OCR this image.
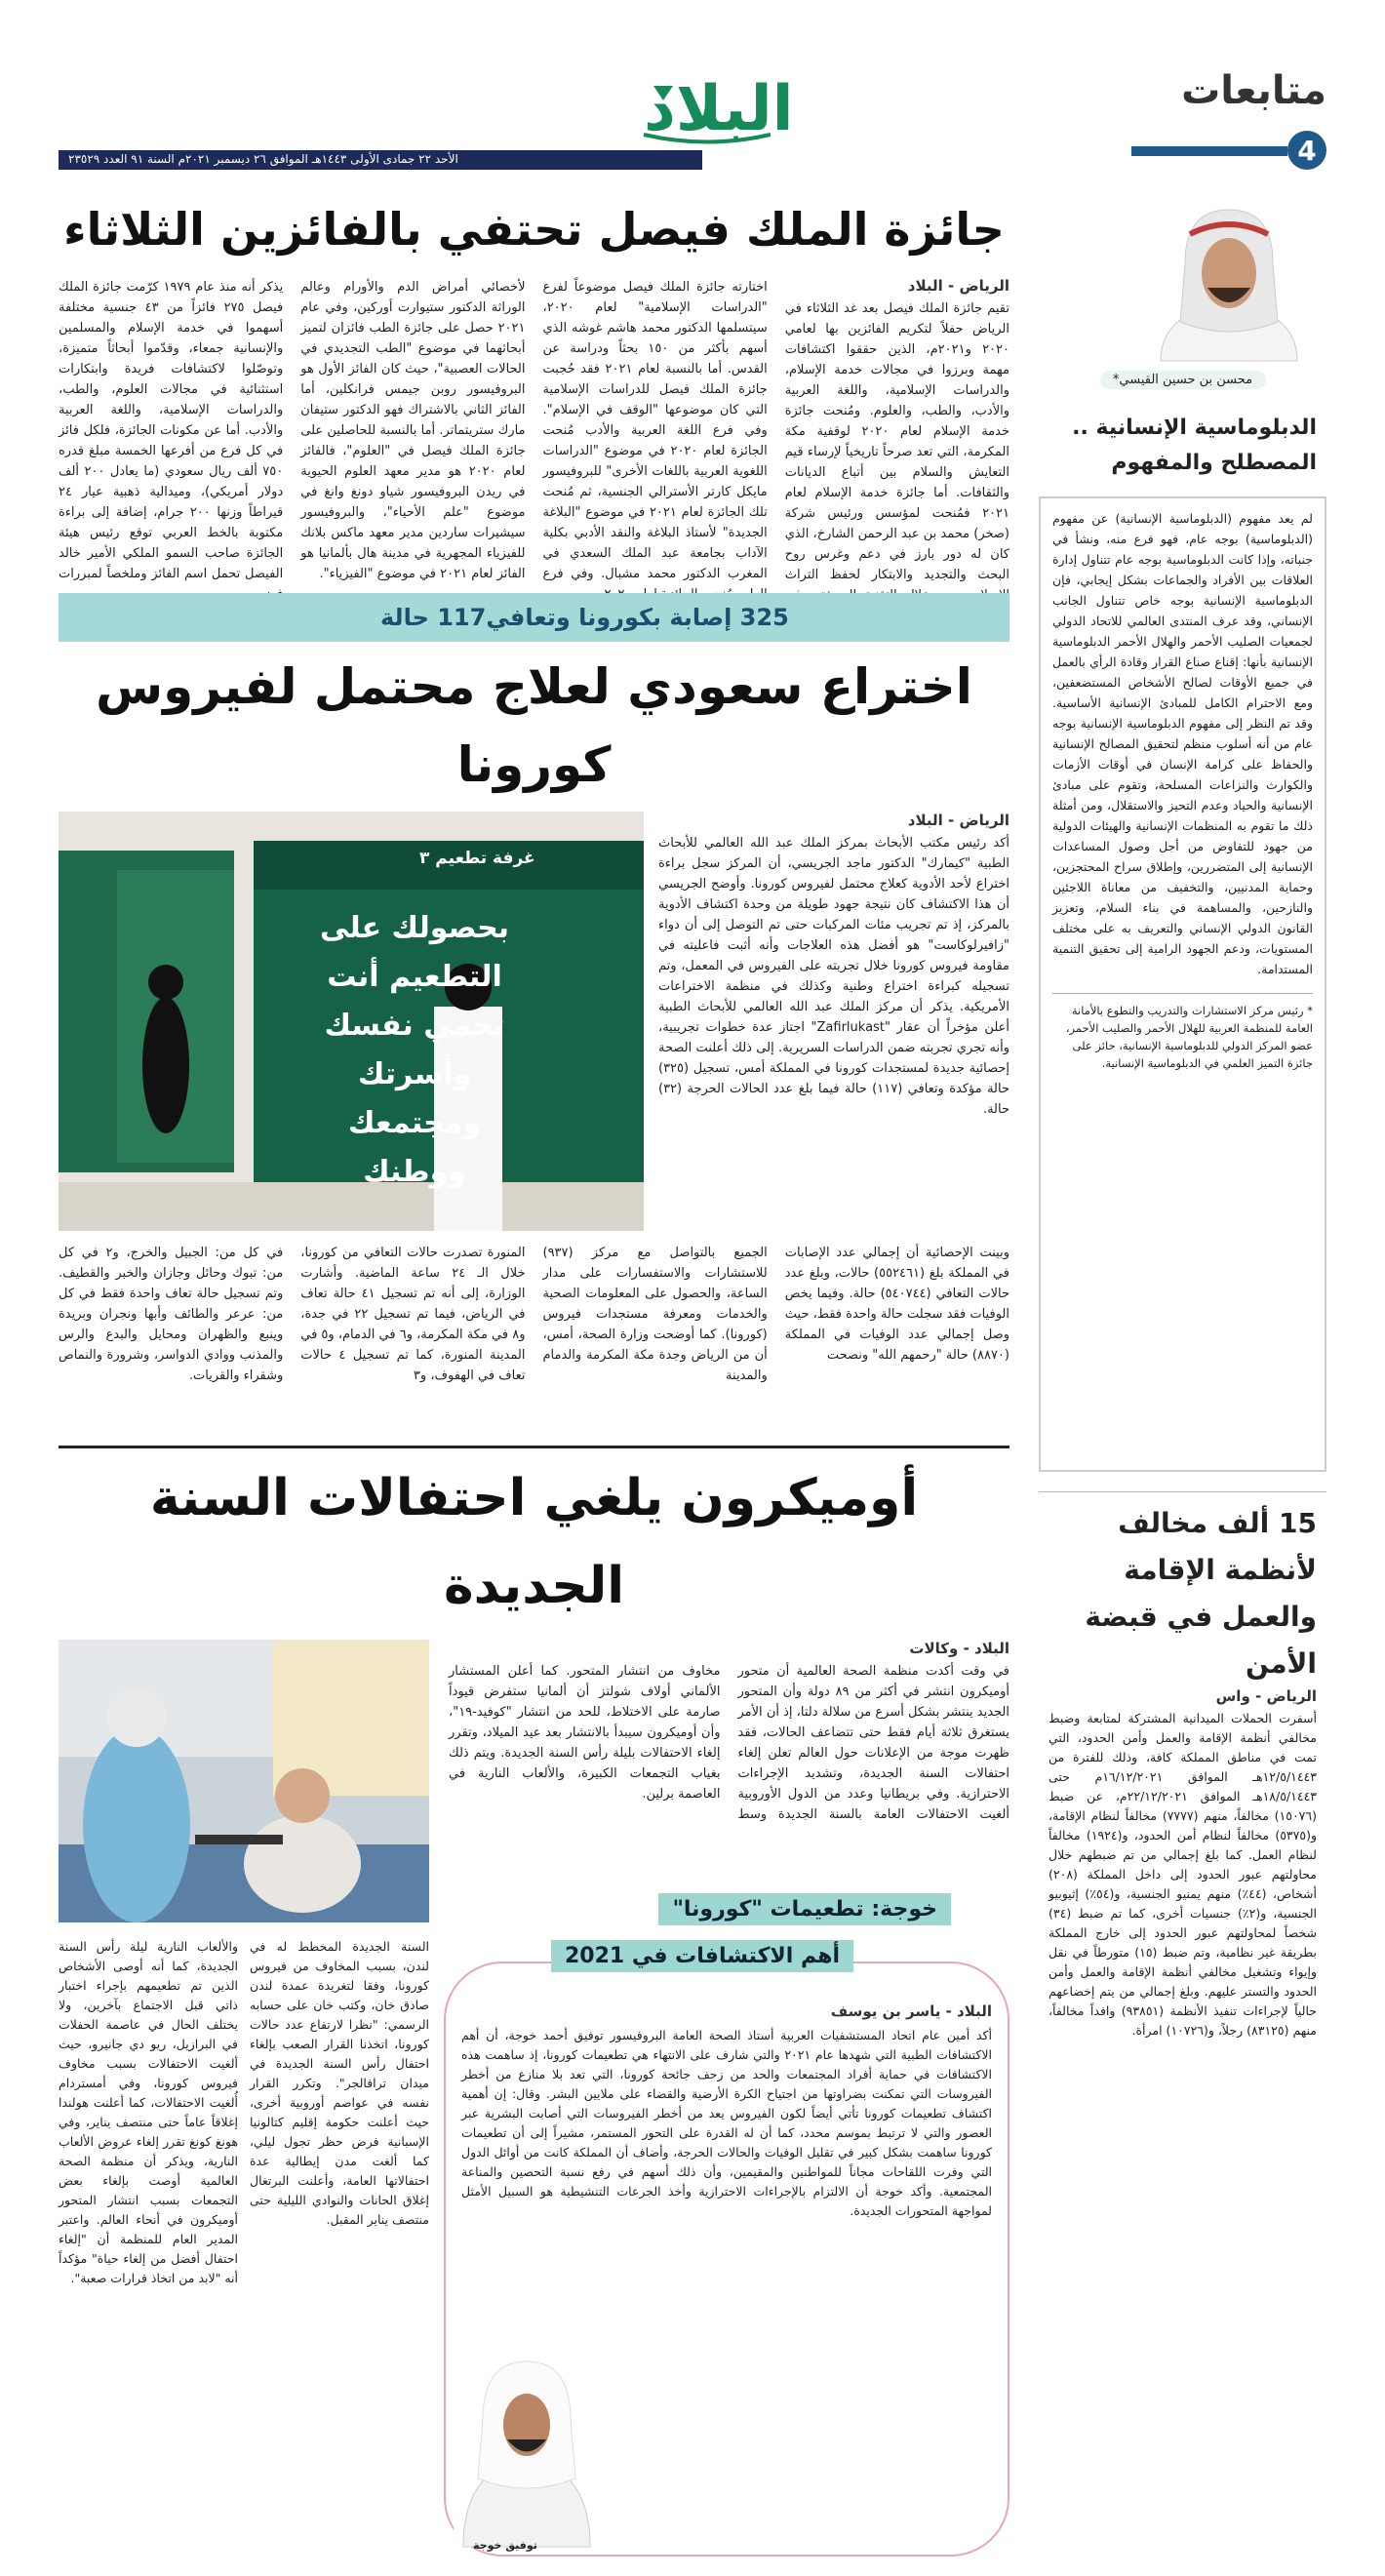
متابعات
4
البلاد
الأحد ٢٢ جمادى الأولى ١٤٤٣هـ الموافق ٢٦ ديسمبر ٢٠٢١م السنة ٩١ العدد ٢٣٥٢٩
محسن بن حسين القيسي*
الدبلوماسية الإنسانية .. المصطلح والمفهوم

لم يعد مفهوم (الدبلوماسية الإنسانية) عن مفهوم (الدبلوماسية) بوجه عام، فهو فرع منه، ونشأ في جنباته، وإذا كانت الدبلوماسية بوجه عام تتناول إدارة العلاقات بين الأفراد والجماعات بشكل إيجابي، فإن الدبلوماسية الإنسانية بوجه خاص تتناول الجانب الإنساني، وقد عرف المنتدى العالمي للاتحاد الدولي لجمعيات الصليب الأحمر والهلال الأحمر الدبلوماسية الإنسانية بأنها: إقناع صناع القرار وقادة الرأي بالعمل في جميع الأوقات لصالح الأشخاص المستضعفين، ومع الاحترام الكامل للمبادئ الإنسانية الأساسية. وقد تم النظر إلى مفهوم الدبلوماسية الإنسانية بوجه عام من أنه أسلوب منظم لتحقيق المصالح الإنسانية والحفاظ على كرامة الإنسان في أوقات الأزمات والكوارث والنزاعات المسلحة، وتقوم على مبادئ الإنسانية والحياد وعدم التحيز والاستقلال، ومن أمثلة ذلك ما تقوم به المنظمات الإنسانية والهيئات الدولية من جهود للتفاوض من أجل وصول المساعدات الإنسانية إلى المتضررين، وإطلاق سراح المحتجزين، وحماية المدنيين، والتخفيف من معاناة اللاجئين والنازحين، والمساهمة في بناء السلام، وتعزيز القانون الدولي الإنساني والتعريف به على مختلف المستويات، ودعم الجهود الرامية إلى تحقيق التنمية المستدامة.

* رئيس مركز الاستشارات والتدريب والتطوع بالأمانة العامة للمنظمة العربية للهلال الأحمر والصليب الأحمر، عضو المركز الدولي للدبلوماسية الإنسانية، حائز على جائزة التميز العلمي في الدبلوماسية الإنسانية.

15 ألف مخالف لأنظمة الإقامة والعمل في قبضة الأمن
الرياض - واس

أسفرت الحملات الميدانية المشتركة لمتابعة وضبط مخالفي أنظمة الإقامة والعمل وأمن الحدود، التي تمت في مناطق المملكة كافة، وذلك للفترة من ١٢/٥/١٤٤٣هـ الموافق ١٦/١٢/٢٠٢١م حتى ١٨/٥/١٤٤٣هـ الموافق ٢٢/١٢/٢٠٢١م، عن ضبط (١٥٠٧٦) مخالفاً، منهم (٧٧٧٧) مخالفاً لنظام الإقامة، و(٥٣٧٥) مخالفاً لنظام أمن الحدود، و(١٩٢٤) مخالفاً لنظام العمل. كما بلغ إجمالي من تم ضبطهم خلال محاولتهم عبور الحدود إلى داخل المملكة (٢٠٨) أشخاص، (٤٤٪) منهم يمنيو الجنسية، و(٥٤٪) إثيوبيو الجنسية، و(٢٪) جنسيات أخرى، كما تم ضبط (٣٤) شخصاً لمحاولتهم عبور الحدود إلى خارج المملكة بطريقة غير نظامية، وتم ضبط (١٥) متورطاً في نقل وإيواء وتشغيل مخالفي أنظمة الإقامة والعمل وأمن الحدود والتستر عليهم. وبلغ إجمالي من يتم إخضاعهم حالياً لإجراءات تنفيذ الأنظمة (٩٣٨٥١) وافداً مخالفاً، منهم (٨٣١٢٥) رجلاً، و(١٠٧٢٦) امرأة.

جائزة الملك فيصل تحتفي بالفائزين الثلاثاء
الرياض - البلاد

تقيم جائزة الملك فيصل بعد غد الثلاثاء في الرياض حفلاً لتكريم الفائزين بها لعامي ٢٠٢٠ و٢٠٢١م، الذين حققوا اكتشافات مهمة وبرزوا في مجالات خدمة الإسلام، والدراسات الإسلامية، واللغة العربية والأدب، والطب، والعلوم. ومُنحت جائزة خدمة الإسلام لعام ٢٠٢٠ لوقفية مكة المكرمة، التي تعد صرحاً تاريخياً لإرساء قيم التعايش والسلام بين أتباع الديانات والثقافات. أما جائزة خدمة الإسلام لعام ٢٠٢١ فمُنحت لمؤسس ورئيس شركة (صخر) محمد بن عبد الرحمن الشارخ، الذي كان له دور بارز في دعم وغرس روح البحث والتجديد والابتكار لحفظ التراث

اختارته جائزة الملك فيصل موضوعاً لفرع "الدراسات الإسلامية" لعام ٢٠٢٠، سيتسلمها الدكتور محمد هاشم غوشه الذي أسهم بأكثر من ١٥٠ بحثاً ودراسة عن القدس. أما بالنسبة لعام ٢٠٢١ فقد حُجبت جائزة الملك فيصل للدراسات الإسلامية التي كان موضوعها "الوقف في الإسلام". وفي فرع اللغة العربية والأدب مُنحت الجائزة لعام ٢٠٢٠ في موضوع "الدراسات اللغوية العربية باللغات الأخرى" للبروفيسور مايكل كارتر الأسترالي الجنسية، ثم مُنحت تلك الجائزة لعام ٢٠٢١ في موضوع "البلاغة الجديدة" لأستاذ البلاغة والنقد الأدبي بكلية الآداب بجامعة عبد الملك السعدي في المغرب الدكتور محمد مشبال. وفي فرع

لأخصائي أمراض الدم والأورام وعالم الوراثة الدكتور ستيوارت أوركين، وفي عام ٢٠٢١ حصل على جائزة الطب فائزان لتميز أبحاثهما في موضوع "الطب التجديدي في الحالات العصبية"، حيث كان الفائز الأول هو البروفيسور روبن جيمس فرانكلين، أما الفائز الثاني بالاشتراك فهو الدكتور ستيفان مارك ستريتماتر. أما بالنسبة للحاصلين على جائزة الملك فيصل في "العلوم"، فالفائز لعام ٢٠٢٠ هو مدير معهد العلوم الحيوية في ريدن البروفيسور شياو دونغ وانغ في موضوع "علم الأحياء"، والبروفيسور سيشيرات ساردين مدير معهد ماكس بلانك للفيزياء المجهرية في مدينة هال بألمانيا هو الفائز لعام ٢٠٢١ في موضوع "الفيزياء".

يذكر أنه منذ عام ١٩٧٩ كرّمت جائزة الملك فيصل ٢٧٥ فائزاً من ٤٣ جنسية مختلفة أسهموا في خدمة الإسلام والمسلمين والإنسانية جمعاء، وقدّموا أبحاثاً متميزة، وتوصّلوا لاكتشافات فريدة وابتكارات استثنائية في مجالات العلوم، والطب، والدراسات الإسلامية، واللغة العربية والأدب. أما عن مكونات الجائزة، فلكل فائز في كل فرع من أفرعها الخمسة مبلغ قدره ٧٥٠ ألف ريال سعودي (ما يعادل ٢٠٠ ألف دولار أمريكي)، وميدالية ذهبية عيار ٢٤ قيراطاً وزنها ٢٠٠ جرام، إضافة إلى براءة مكتوبة بالخط العربي توقع رئيس هيئة الجائزة صاحب السمو الملكي الأمير خالد الفيصل تحمل اسم الفائز وملخصاً لمبررات

325 إصابة بكورونا وتعافي117 حالة
اختراع سعودي لعلاج محتمل لفيروس كورونا
الرياض - البلاد

أكد رئيس مكتب الأبحاث بمركز الملك عبد الله العالمي للأبحاث الطبية "كيمارك" الدكتور ماجد الجريسي، أن المركز سجل براءة اختراع لأحد الأدوية كعلاج محتمل لفيروس كورونا. وأوضح الجريسي أن هذا الاكتشاف كان نتيجة جهود طويلة من وحدة اكتشاف الأدوية بالمركز، إذ تم تجريب مئات المركبات حتى تم التوصل إلى أن دواء "زافيرلوكاست" هو أفضل هذه العلاجات وأنه أثبت فاعليته في مقاومة فيروس كورونا خلال تجربته على الفيروس في المعمل، وتم تسجيله كبراءة اختراع وطنية وكذلك في منظمة الاختراعات الأمريكية. يذكر أن مركز الملك عبد الله العالمي للأبحاث الطبية أعلن مؤخراً أن عقار "Zafirlukast" اجتاز عدة خطوات تجريبية، وأنه تجري تجربته ضمن الدراسات السريرية. إلى ذلك أعلنت الصحة إحصائية جديدة لمستجدات كورونا في المملكة أمس، تسجيل (٣٢٥) حالة مؤكدة وتعافي (١١٧) حالة فيما بلغ عدد الحالات الحرجة (٣٢) حالة.

غرفة تطعيم ٣
بحصولك على التطعيم أنت تحمي نفسك وأسرتك ومجتمعك ووطنك

وبينت الإحصائية أن إجمالي عدد الإصابات في المملكة بلغ (٥٥٢٤٦١) حالات، وبلغ عدد حالات التعافي (٥٤٠٧٤٤) حالة. وفيما يخص الوفيات فقد سجلت حالة واحدة فقط، حيث وصل إجمالي عدد الوفيات في المملكة (٨٨٧٠) حالة "رحمهم الله" ونصحت

الجميع بالتواصل مع مركز (٩٣٧) للاستشارات والاستفسارات على مدار الساعة، والحصول على المعلومات الصحية والخدمات ومعرفة مستجدات فيروس (كورونا). كما أوضحت وزارة الصحة، أمس، أن من الرياض وجدة مكة المكرمة والدمام والمدينة

المنورة تصدرت حالات التعافي من كورونا، خلال الـ ٢٤ ساعة الماضية. وأشارت الوزارة، إلى أنه تم تسجيل ٤١ حالة تعاف في الرياض، فيما تم تسجيل ٢٢ في جدة، و٨ في مكة المكرمة، و٦ في الدمام، و٥ في المدينة المنورة، كما تم تسجيل ٤ حالات تعاف في الهفوف، و٣

في كل من: الجبيل والخرج، و٢ في كل من: تبوك وحائل وجازان والخبر والقطيف. وتم تسجيل حالة تعاف واحدة فقط في كل من: عرعر والطائف وأبها ونجران وبريدة وينبع والظهران ومحايل والبدع والرس والمذنب ووادي الدواسر، وشرورة والنماص وشقراء والقريات.

أوميكرون يلغي احتفالات السنة الجديدة
البلاد - وكالات

في وقت أكدت منظمة الصحة العالمية أن متحور أوميكرون انتشر في أكثر من ٨٩ دولة وأن المتحور الجديد ينتشر بشكل أسرع من سلالة دلتا، إذ أن الأمر يستغرق ثلاثة أيام فقط حتى تتضاعف الحالات، فقد ظهرت موجة من الإعلانات حول العالم تعلن إلغاء احتفالات السنة الجديدة، وتشديد الإجراءات الاحترازية. وفي بريطانيا وعدد من الدول الأوروبية ألغيت الاحتفالات العامة بالسنة الجديدة وسط مخاوف من انتشار المتحور. كما أعلن المستشار الألماني أولاف شولتز أن ألمانيا ستفرض قيوداً صارمة على الاختلاط، للحد من انتشار "كوفيد-١٩"، وأن أوميكرون سيبدأ بالانتشار بعد عيد الميلاد، وتقرر إلغاء الاحتفالات بليلة رأس السنة الجديدة. ويتم ذلك بغياب التجمعات الكبيرة، والألعاب النارية في العاصمة برلين.

السنة الجديدة المخطط له في لندن، بسبب المخاوف من فيروس كورونا، وفقا لتغريدة عمدة لندن صادق خان، وكتب خان على حسابه الرسمي: "نظرا لارتفاع عدد حالات كورونا، اتخذنا القرار الصعب بإلغاء احتفال رأس السنة الجديدة في ميدان ترافالجر". وتكرر القرار نفسه في عواصم أوروبية أخرى، حيث أعلنت حكومة إقليم كتالونيا الإسبانية فرض حظر تجول ليلي، كما ألغت مدن إيطالية عدة احتفالاتها العامة، وأعلنت البرتغال إغلاق الحانات والنوادي الليلية حتى منتصف يناير المقبل.
والألعاب النارية ليلة رأس السنة الجديدة، كما أنه أوصى الأشخاص الذين تم تطعيمهم بإجراء اختبار ذاتي قبل الاجتماع بآخرين، ولا يختلف الحال في عاصمة الحفلات في البرازيل، ريو دي جانيرو، حيث ألغيت الاحتفالات بسبب مخاوف فيروس كورونا، وفي أمستردام أُلغيت الاحتفالات، كما أعلنت هولندا إغلاقاً عاماً حتى منتصف يناير، وفي هونغ كونغ تقرر إلغاء عروض الألعاب النارية، ويذكر أن منظمة الصحة العالمية أوصت بإلغاء بعض التجمعات بسبب انتشار المتحور أوميكرون في أنحاء العالم. واعتبر المدير العام للمنظمة أن "إلغاء احتفال أفضل من إلغاء حياة" مؤكداً أنه "لابد من اتخاذ قرارات صعبة".
البلاد - ياسر بن يوسف

أكد أمين عام اتحاد المستشفيات العربية أستاذ الصحة العامة البروفيسور توفيق أحمد خوجة، أن أهم الاكتشافات الطبية التي شهدها عام ٢٠٢١ والتي شارف على الانتهاء هي تطعيمات كورونا، إذ ساهمت هذه الاكتشافات في حماية أفراد المجتمعات والحد من زحف جائحة كورونا، التي تعد بلا منازع من أخطر الفيروسات التي تمكنت بضراوتها من اجتياح الكرة الأرضية والقضاء على ملايين البشر. وقال: إن أهمية اكتشاف تطعيمات كورونا تأتي أيضاً لكون الفيروس يعد من أخطر الفيروسات التي أصابت البشرية عبر العصور والتي لا ترتبط بموسم محدد، كما أن له القدرة على التحور المستمر، مشيراً إلى أن تطعيمات كورونا ساهمت بشكل كبير في تقليل الوفيات والحالات الحرجة، وأضاف أن المملكة كانت من أوائل الدول التي وفرت اللقاحات مجاناً للمواطنين والمقيمين، وأن ذلك أسهم في رفع نسبة التحصين والمناعة المجتمعية. وأكد خوجة أن الالتزام بالإجراءات الاحترازية وأخذ الجرعات التنشيطية هو السبيل الأمثل لمواجهة المتحورات الجديدة.

خوجة: تطعيمات "كورونا"
أهم الاكتشافات في 2021
توفيق خوجة
